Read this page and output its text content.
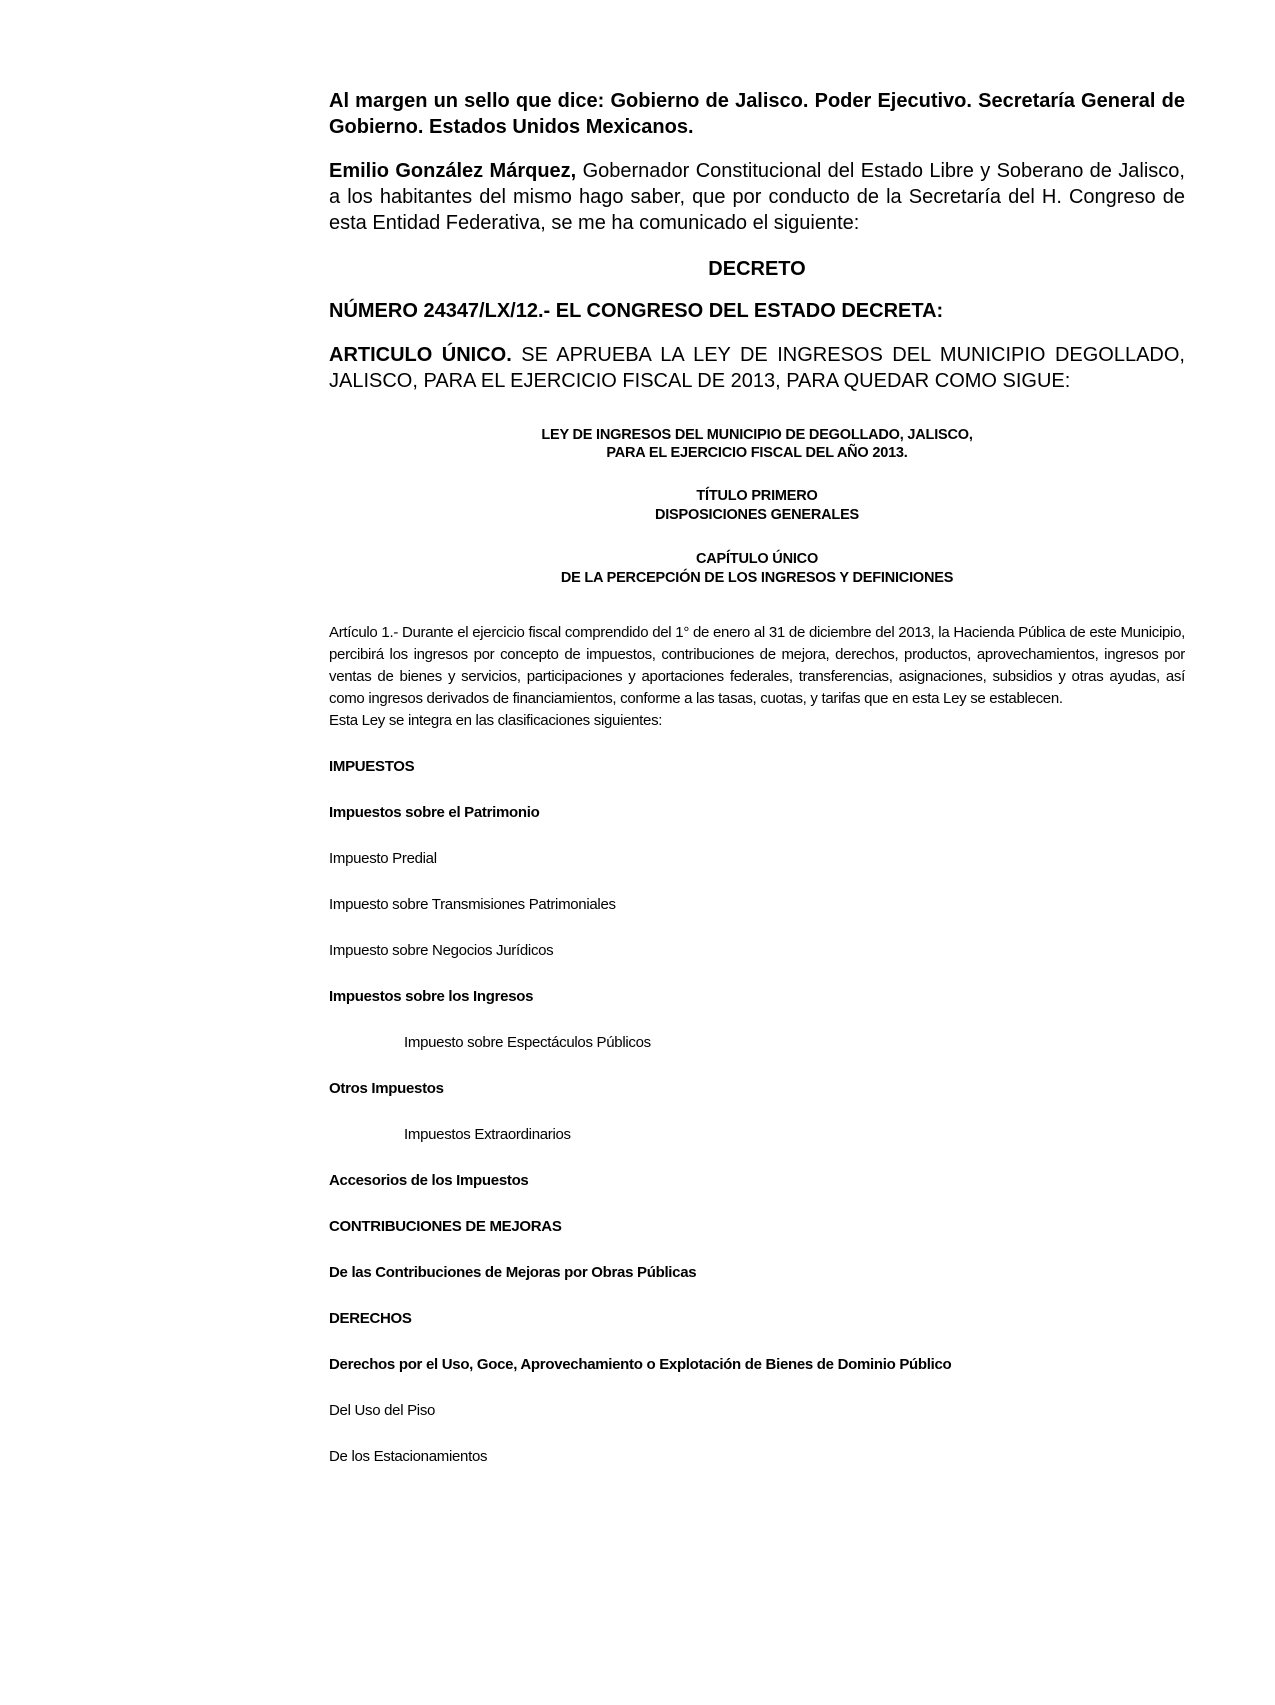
Al margen un sello que dice: Gobierno de Jalisco. Poder Ejecutivo. Secretaría General de Gobierno. Estados Unidos Mexicanos.

Emilio González Márquez, Gobernador Constitucional del Estado Libre y Soberano de Jalisco, a los habitantes del mismo hago saber, que por conducto de la Secretaría del H. Congreso de esta Entidad Federativa, se me ha comunicado el siguiente:

DECRETO

NÚMERO 24347/LX/12.- EL CONGRESO DEL ESTADO DECRETA:

ARTICULO ÚNICO. SE APRUEBA LA LEY DE INGRESOS DEL MUNICIPIO DEGOLLADO, JALISCO, PARA EL EJERCICIO FISCAL DE 2013, PARA QUEDAR COMO SIGUE:

LEY DE INGRESOS DEL MUNICIPIO DE DEGOLLADO, JALISCO,
PARA EL EJERCICIO FISCAL DEL AÑO 2013.
TÍTULO PRIMERO
DISPOSICIONES GENERALES
CAPÍTULO ÚNICO
DE LA PERCEPCIÓN DE LOS INGRESOS Y DEFINICIONES

Artículo 1.- Durante el ejercicio fiscal comprendido del 1° de enero al 31 de diciembre del 2013, la Hacienda Pública de este Municipio, percibirá los ingresos por concepto de impuestos, contribuciones de mejora, derechos, productos, aprovechamientos, ingresos por ventas de bienes y servicios, participaciones y aportaciones federales, transferencias, asignaciones, subsidios y otras ayudas, así como ingresos derivados de financiamientos, conforme a las tasas, cuotas, y tarifas que en esta Ley se establecen.

Esta Ley se integra en las clasificaciones siguientes:

IMPUESTOS
Impuestos sobre el Patrimonio
Impuesto Predial
Impuesto sobre Transmisiones Patrimoniales
Impuesto sobre Negocios Jurídicos
Impuestos sobre los Ingresos
Impuesto sobre Espectáculos Públicos
Otros Impuestos
Impuestos Extraordinarios
Accesorios de los Impuestos
CONTRIBUCIONES DE MEJORAS
De las Contribuciones de Mejoras por Obras Públicas
DERECHOS
Derechos por el Uso, Goce, Aprovechamiento o Explotación de Bienes de Dominio Público
Del Uso del Piso
De los Estacionamientos
